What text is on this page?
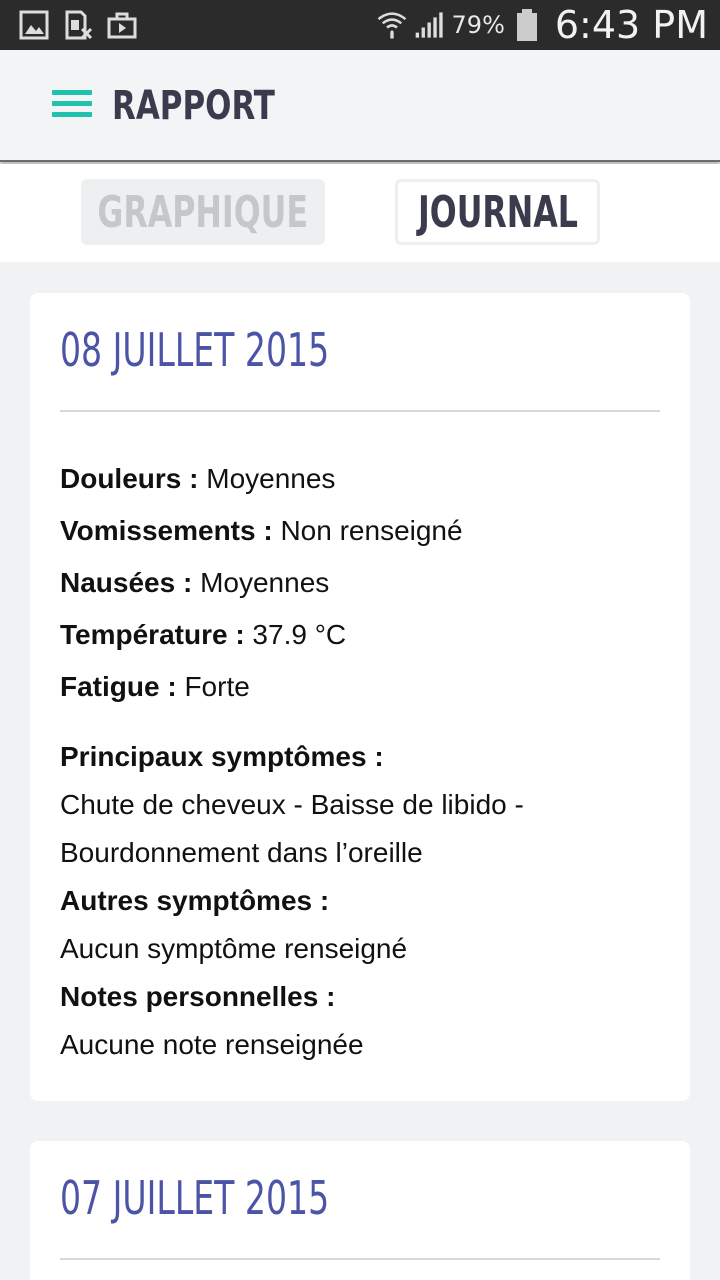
79% 6:43 PM
RAPPORT
GRAPHIQUE JOURNAL
08 JUILLET 2015
Douleurs : Moyennes
Vomissements : Non renseigné
Nausées : Moyennes
Température : 37.9 °C
Fatigue : Forte
Principaux symptômes :
Chute de cheveux - Baisse de libido - Bourdonnement dans l’oreille
Autres symptômes :
Aucun symptôme renseigné
Notes personnelles :
Aucune note renseignée
07 JUILLET 2015
